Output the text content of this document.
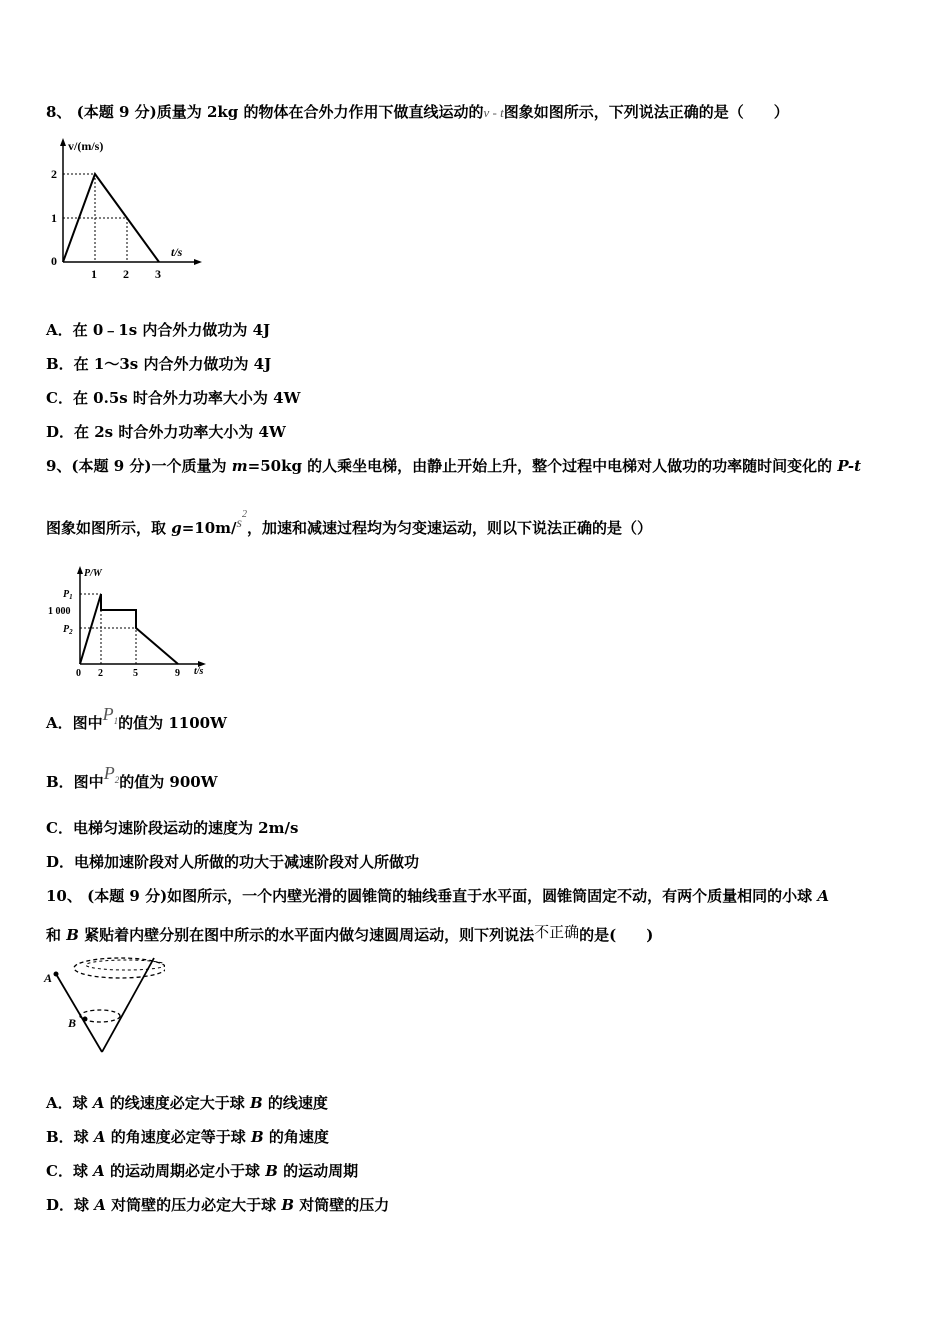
8、 (本题 9 分)质量为 2kg 的物体在合外力作用下做直线运动的v - t图象如图所示，下列说法正确的是（　　）
v/(m/s)
t/s
2
1
0
1 2 3
A．在 0﹣1s 内合外力做功为 4J
B．在 1～3s 内合外力做功为 4J
C．在 0.5s 时合外力功率大小为 4W
D．在 2s 时合外力功率大小为 4W
9、(本题 9 分)一个质量为 m=50kg 的人乘坐电梯，由静止开始上升，整个过程中电梯对人做功的功率随时间变化的 P-t
图象如图所示，取 $g=10m/s^2$，加速和减速过程均为匀变速运动，则以下说法正确的是（）
P/W
$P_1$
1 000
$P_2$
t/s
0 2	5	9
A．图中$P^1$的值为 1100W
B．图中$P^2$的值为 900W
C．电梯匀速阶段运动的速度为 2m/s
D．电梯加速阶段对人所做的功大于减速阶段对人所做功
10、 (本题 9 分)如图所示，一个内壁光滑的圆锥筒的轴线垂直于水平面，圆锥筒固定不动，有两个质量相同的小球 A
和 B 紧贴着内壁分别在图中所示的水平面内做匀速圆周运动，则下列说法不正确的是(　　)
A
B
A．球 A 的线速度必定大于球 B 的线速度
B．球 A 的角速度必定等于球 B 的角速度
C．球 A 的运动周期必定小于球 B 的运动周期
D．球 A 对筒壁的压力必定大于球 B 对筒壁的压力
